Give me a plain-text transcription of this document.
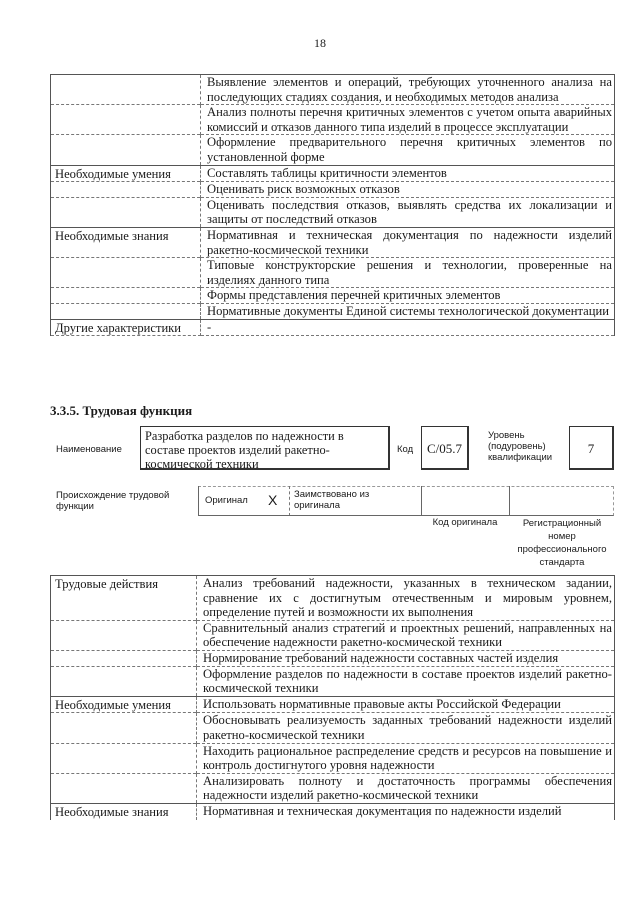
18
	Выявление элементов и операций, требующих уточненного анализа на последующих стадиях создания, и необходимых методов анализа
	Анализ полноты перечня критичных элементов с учетом опыта аварийных комиссий и отказов данного типа изделий в процессе эксплуатации
	Оформление предварительного перечня критичных элементов по установленной форме
Необходимые умения	Составлять таблицы критичности элементов
	Оценивать риск возможных отказов
	Оценивать последствия отказов, выявлять средства их локализации и защиты от последствий отказов
Необходимые знания	Нормативная и техническая документация по надежности изделий ракетно-космической техники
	Типовые конструкторские решения и технологии, проверенные на изделиях данного типа
	Формы представления перечней критичных элементов
	Нормативные документы Единой системы технологической документации
Другие характеристики	-
3.3.5. Трудовая функция
Наименование
Разработка разделов по надежности в составе проектов изделий ракетно-космической техники
Код	С/05.7
Уровень (подуровень) квалификации
7
Происхождение трудовой функции
Оригинал Х Заимствовано из оригинала
Код оригинала	Регистрационный номер профессионального стандарта
Трудовые действия	Анализ требований надежности, указанных в техническом задании, сравнение их с достигнутым отечественным и мировым уровнем, определение путей и возможности их выполнения
	Сравнительный анализ стратегий и проектных решений, направленных на обеспечение надежности ракетно-космической техники
	Нормирование требований надежности составных частей изделия
	Оформление разделов по надежности в составе проектов изделий ракетно-космической техники
Необходимые умения	Использовать нормативные правовые акты Российской Федерации
	Обосновывать реализуемость заданных требований надежности изделий ракетно-космической техники
	Находить рациональное распределение средств и ресурсов на повышение и контроль достигнутого уровня надежности
	Анализировать полноту и достаточность программы обеспечения надежности изделий ракетно-космической техники
Необходимые знания	Нормативная и техническая документация по надежности изделий
